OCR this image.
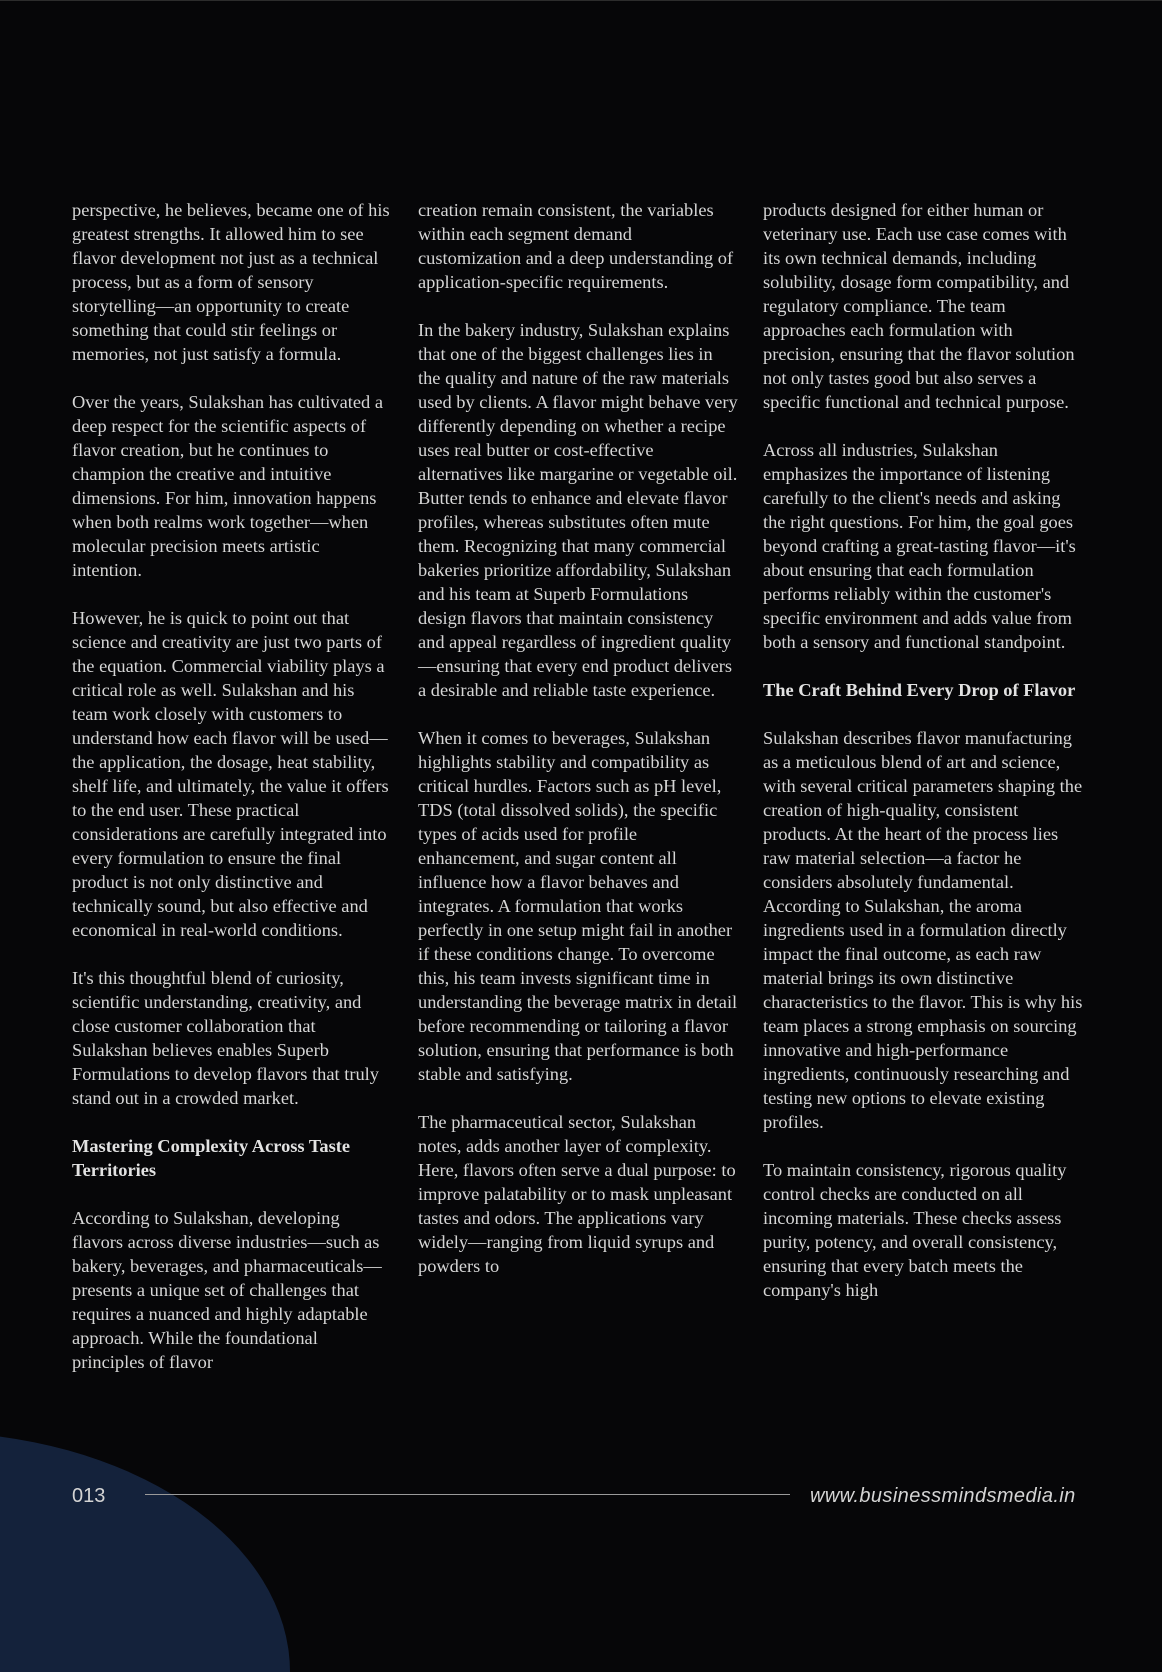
perspective, he believes, became one of his greatest strengths. It allowed him to see flavor development not just as a technical process, but as a form of sensory storytelling—an opportunity to create something that could stir feelings or memories, not just satisfy a formula.

Over the years, Sulakshan has cultivated a deep respect for the scientific aspects of flavor creation, but he continues to champion the creative and intuitive dimensions. For him, innovation happens when both realms work together—when molecular precision meets artistic intention.

However, he is quick to point out that science and creativity are just two parts of the equation. Commercial viability plays a critical role as well. Sulakshan and his team work closely with customers to understand how each flavor will be used—the application, the dosage, heat stability, shelf life, and ultimately, the value it offers to the end user. These practical considerations are carefully integrated into every formulation to ensure the final product is not only distinctive and technically sound, but also effective and economical in real-world conditions.

It's this thoughtful blend of curiosity, scientific understanding, creativity, and close customer collaboration that Sulakshan believes enables Superb Formulations to develop flavors that truly stand out in a crowded market.

Mastering Complexity Across Taste Territories

According to Sulakshan, developing flavors across diverse industries—such as bakery, beverages, and pharmaceuticals—presents a unique set of challenges that requires a nuanced and highly adaptable approach. While the foundational principles of flavor

creation remain consistent, the variables within each segment demand customization and a deep understanding of application-specific requirements.

In the bakery industry, Sulakshan explains that one of the biggest challenges lies in the quality and nature of the raw materials used by clients. A flavor might behave very differently depending on whether a recipe uses real butter or cost-effective alternatives like margarine or vegetable oil. Butter tends to enhance and elevate flavor profiles, whereas substitutes often mute them. Recognizing that many commercial bakeries prioritize affordability, Sulakshan and his team at Superb Formulations design flavors that maintain consistency and appeal regardless of ingredient quality—ensuring that every end product delivers a desirable and reliable taste experience.

When it comes to beverages, Sulakshan highlights stability and compatibility as critical hurdles. Factors such as pH level, TDS (total dissolved solids), the specific types of acids used for profile enhancement, and sugar content all influence how a flavor behaves and integrates. A formulation that works perfectly in one setup might fail in another if these conditions change. To overcome this, his team invests significant time in understanding the beverage matrix in detail before recommending or tailoring a flavor solution, ensuring that performance is both stable and satisfying.

The pharmaceutical sector, Sulakshan notes, adds another layer of complexity. Here, flavors often serve a dual purpose: to improve palatability or to mask unpleasant tastes and odors. The applications vary widely—ranging from liquid syrups and powders to

products designed for either human or veterinary use. Each use case comes with its own technical demands, including solubility, dosage form compatibility, and regulatory compliance. The team approaches each formulation with precision, ensuring that the flavor solution not only tastes good but also serves a specific functional and technical purpose.

Across all industries, Sulakshan emphasizes the importance of listening carefully to the client's needs and asking the right questions. For him, the goal goes beyond crafting a great-tasting flavor—it's about ensuring that each formulation performs reliably within the customer's specific environment and adds value from both a sensory and functional standpoint.

The Craft Behind Every Drop of Flavor

Sulakshan describes flavor manufacturing as a meticulous blend of art and science, with several critical parameters shaping the creation of high-quality, consistent products. At the heart of the process lies raw material selection—a factor he considers absolutely fundamental. According to Sulakshan, the aroma ingredients used in a formulation directly impact the final outcome, as each raw material brings its own distinctive characteristics to the flavor. This is why his team places a strong emphasis on sourcing innovative and high-performance ingredients, continuously researching and testing new options to elevate existing profiles.

To maintain consistency, rigorous quality control checks are conducted on all incoming materials. These checks assess purity, potency, and overall consistency, ensuring that every batch meets the company's high

013	www.businessmindsmedia.in
